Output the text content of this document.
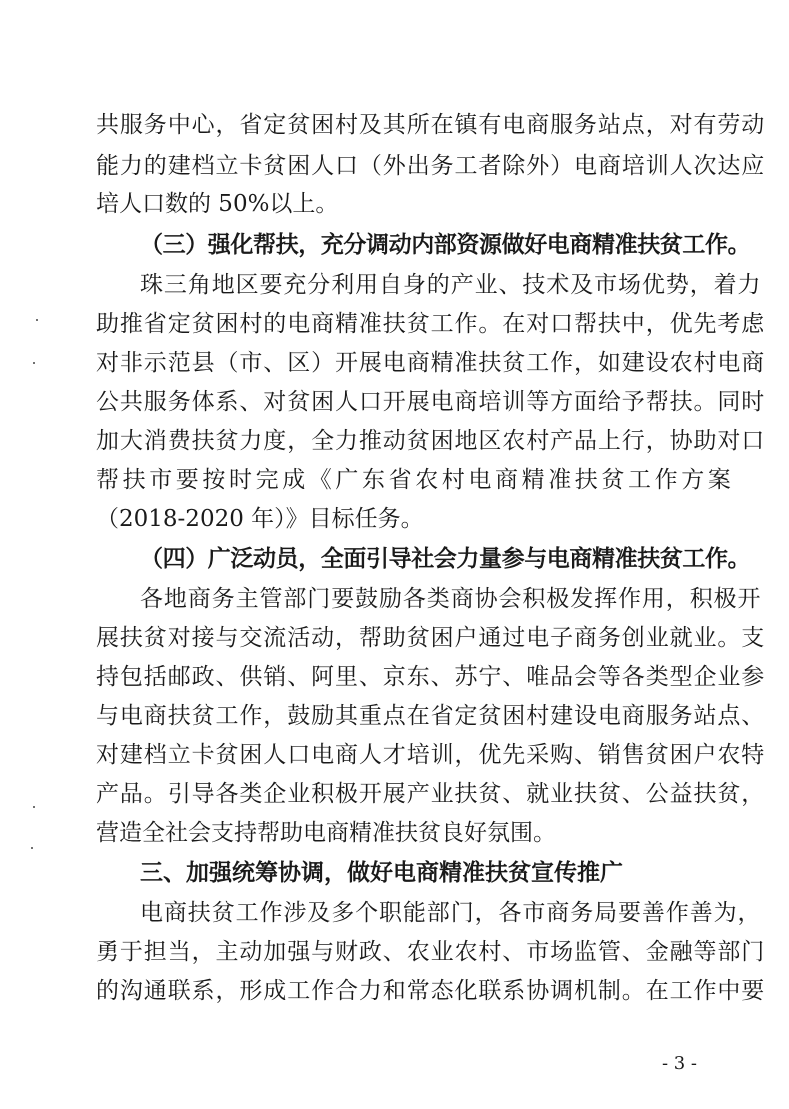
共服务中心，省定贫困村及其所在镇有电商服务站点，对有劳动
能力的建档立卡贫困人口（外出务工者除外）电商培训人次达应
培人口数的 50%以上。
（三）强化帮扶，充分调动内部资源做好电商精准扶贫工作。
珠三角地区要充分利用自身的产业、技术及市场优势，着力
助推省定贫困村的电商精准扶贫工作。在对口帮扶中，优先考虑
对非示范县（市、区）开展电商精准扶贫工作，如建设农村电商
公共服务体系、对贫困人口开展电商培训等方面给予帮扶。同时
加大消费扶贫力度，全力推动贫困地区农村产品上行，协助对口
帮扶市要按时完成《广东省农村电商精准扶贫工作方案
（2018-2020 年）》目标任务。
（四）广泛动员，全面引导社会力量参与电商精准扶贫工作。
各地商务主管部门要鼓励各类商协会积极发挥作用，积极开
展扶贫对接与交流活动，帮助贫困户通过电子商务创业就业。支
持包括邮政、供销、阿里、京东、苏宁、唯品会等各类型企业参
与电商扶贫工作，鼓励其重点在省定贫困村建设电商服务站点、
对建档立卡贫困人口电商人才培训，优先采购、销售贫困户农特
产品。引导各类企业积极开展产业扶贫、就业扶贫、公益扶贫，
营造全社会支持帮助电商精准扶贫良好氛围。
三、加强统筹协调，做好电商精准扶贫宣传推广
电商扶贫工作涉及多个职能部门，各市商务局要善作善为，
勇于担当，主动加强与财政、农业农村、市场监管、金融等部门
的沟通联系，形成工作合力和常态化联系协调机制。在工作中要
- 3 -
